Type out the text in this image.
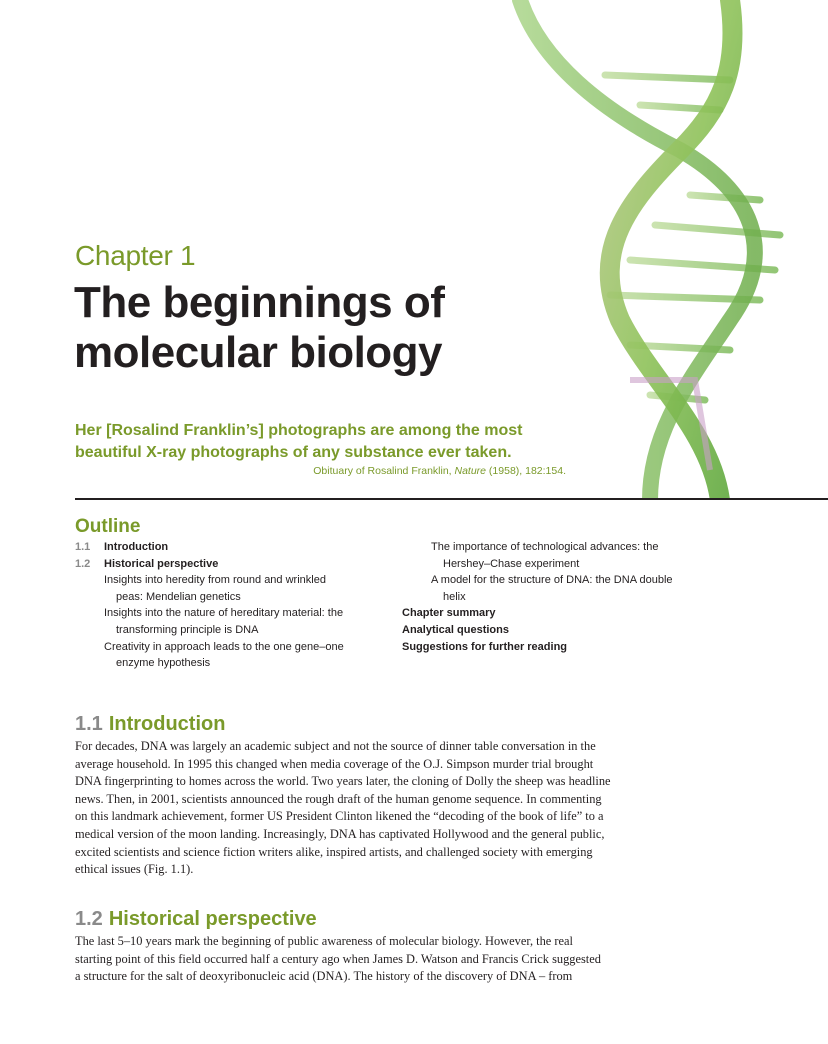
Chapter 1
The beginnings of
molecular biology
Her [Rosalind Franklin’s] photographs are among the most
beautiful X-ray photographs of any substance ever taken.
Obituary of Rosalind Franklin, Nature (1958), 182:154.
Outline
1.1 Introduction
1.2 Historical perspective
Insights into heredity from round and wrinkled
peas: Mendelian genetics
Insights into the nature of hereditary material: the
transforming principle is DNA
Creativity in approach leads to the one gene–one
enzyme hypothesis
The importance of technological advances: the
Hershey–Chase experiment
A model for the structure of DNA: the DNA double
helix
Chapter summary
Analytical questions
Suggestions for further reading
1.1 Introduction
For decades, DNA was largely an academic subject and not the source of dinner table conversation in the
average household. In 1995 this changed when media coverage of the O.J. Simpson murder trial brought
DNA fingerprinting to homes across the world. Two years later, the cloning of Dolly the sheep was headline
news. Then, in 2001, scientists announced the rough draft of the human genome sequence. In commenting
on this landmark achievement, former US President Clinton likened the “decoding of the book of life” to a
medical version of the moon landing. Increasingly, DNA has captivated Hollywood and the general public,
excited scientists and science fiction writers alike, inspired artists, and challenged society with emerging
ethical issues (Fig. 1.1).
1.2 Historical perspective
The last 5–10 years mark the beginning of public awareness of molecular biology. However, the real
starting point of this field occurred half a century ago when James D. Watson and Francis Crick suggested
a structure for the salt of deoxyribonucleic acid (DNA). The history of the discovery of DNA – from
